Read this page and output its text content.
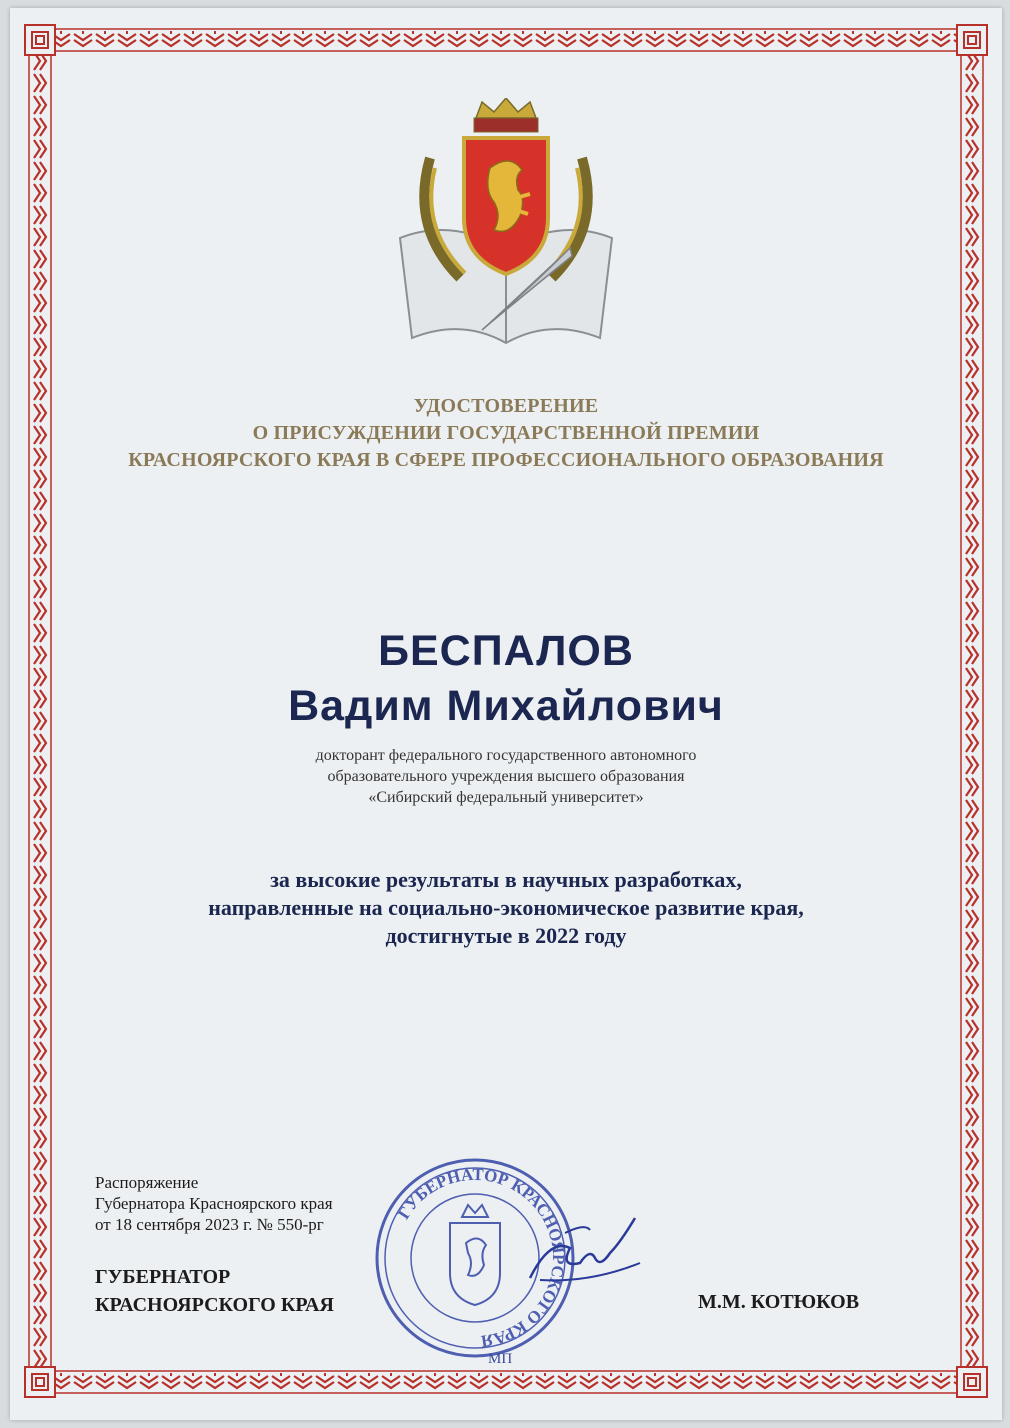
УДОСТОВЕРЕНИЕ
О ПРИСУЖДЕНИИ ГОСУДАРСТВЕННОЙ ПРЕМИИ
КРАСНОЯРСКОГО КРАЯ В СФЕРЕ ПРОФЕССИОНАЛЬНОГО ОБРАЗОВАНИЯ
БЕСПАЛОВ
Вадим Михайлович
докторант федерального государственного автономного
образовательного учреждения высшего образования
«Сибирский федеральный университет»
за высокие результаты в научных разработках,
направленные на социально-экономическое развитие края,
достигнутые в 2022 году
Распоряжение
Губернатора Красноярского края
от 18 сентября 2023 г. № 550-рг
ГУБЕРНАТОР
КРАСНОЯРСКОГО КРАЯ	М.М. КОТЮКОВ
ГУБЕРНАТОР КРАСНОЯРСКОГО КРАЯ
МП
